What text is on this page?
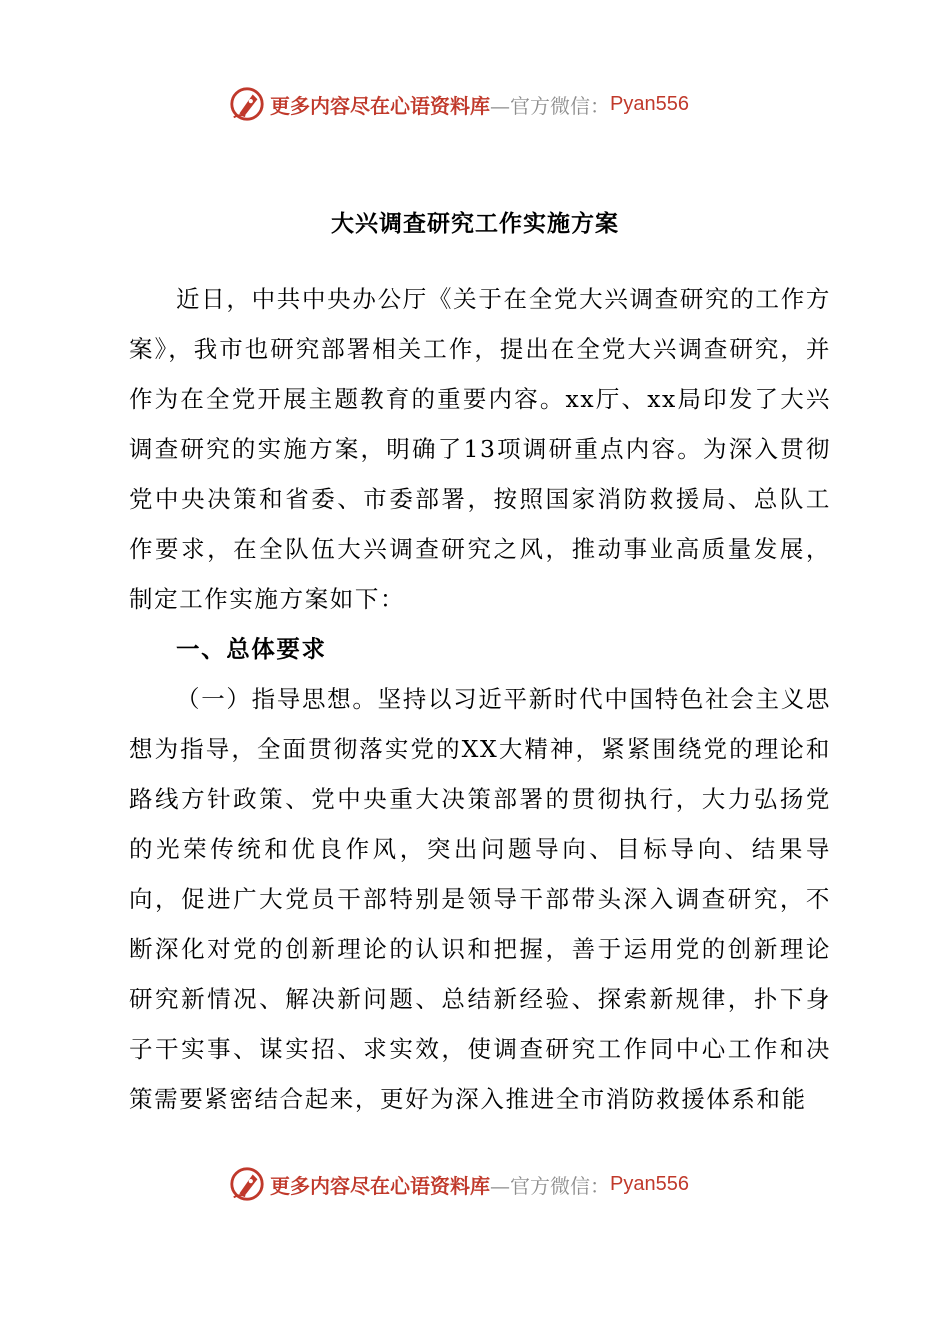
更多内容尽在心语资料库 —官方微信： Pyan556
大兴调查研究工作实施方案

近日，中共中央办公厅《关于在全党大兴调查研究的工作方案》，我市也研究部署相关工作，提出在全党大兴调查研究，并作为在全党开展主题教育的重要内容。xx厅、xx局印发了大兴调查研究的实施方案，明确了13项调研重点内容。为深入贯彻党中央决策和省委、市委部署，按照国家消防救援局、总队工作要求，在全队伍大兴调查研究之风，推动事业高质量发展，制定工作实施方案如下：

一、总体要求

（一）指导思想。坚持以习近平新时代中国特色社会主义思想为指导，全面贯彻落实党的XX大精神，紧紧围绕党的理论和路线方针政策、党中央重大决策部署的贯彻执行，大力弘扬党的光荣传统和优良作风，突出问题导向、目标导向、结果导向，促进广大党员干部特别是领导干部带头深入调查研究，不断深化对党的创新理论的认识和把握，善于运用党的创新理论研究新情况、解决新问题、总结新经验、探索新规律，扑下身子干实事、谋实招、求实效，使调查研究工作同中心工作和决策需要紧密结合起来，更好为深入推进全市消防救援体系和能

更多内容尽在心语资料库 —官方微信： Pyan556
